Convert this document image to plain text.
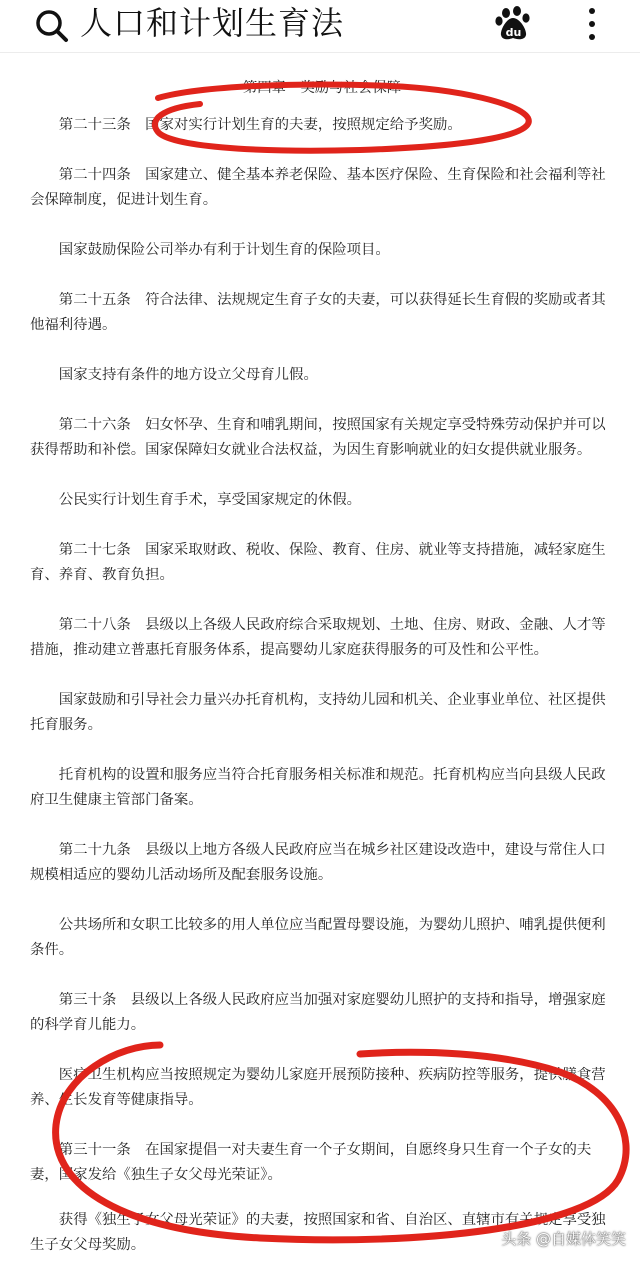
人口和计划生育法	du
第四章　奖励与社会保障

第二十三条　国家对实行计划生育的夫妻，按照规定给予奖励。

第二十四条　国家建立、健全基本养老保险、基本医疗保险、生育保险和社会福利等社会保障制度，促进计划生育。

国家鼓励保险公司举办有利于计划生育的保险项目。

第二十五条　符合法律、法规规定生育子女的夫妻，可以获得延长生育假的奖励或者其他福利待遇。

国家支持有条件的地方设立父母育儿假。

第二十六条　妇女怀孕、生育和哺乳期间，按照国家有关规定享受特殊劳动保护并可以获得帮助和补偿。国家保障妇女就业合法权益，为因生育影响就业的妇女提供就业服务。

公民实行计划生育手术，享受国家规定的休假。

第二十七条　国家采取财政、税收、保险、教育、住房、就业等支持措施，减轻家庭生育、养育、教育负担。

第二十八条　县级以上各级人民政府综合采取规划、土地、住房、财政、金融、人才等措施，推动建立普惠托育服务体系，提高婴幼儿家庭获得服务的可及性和公平性。

国家鼓励和引导社会力量兴办托育机构，支持幼儿园和机关、企业事业单位、社区提供托育服务。

托育机构的设置和服务应当符合托育服务相关标准和规范。托育机构应当向县级人民政府卫生健康主管部门备案。

第二十九条　县级以上地方各级人民政府应当在城乡社区建设改造中，建设与常住人口规模相适应的婴幼儿活动场所及配套服务设施。

公共场所和女职工比较多的用人单位应当配置母婴设施，为婴幼儿照护、哺乳提供便利条件。

第三十条　县级以上各级人民政府应当加强对家庭婴幼儿照护的支持和指导，增强家庭的科学育儿能力。

医疗卫生机构应当按照规定为婴幼儿家庭开展预防接种、疾病防控等服务，提供膳食营养、生长发育等健康指导。

第三十一条　在国家提倡一对夫妻生育一个子女期间，自愿终身只生育一个子女的夫妻，国家发给《独生子女父母光荣证》。

获得《独生子女父母光荣证》的夫妻，按照国家和省、自治区、直辖市有关规定享受独生子女父母奖励。	头条 @自媒体笑笑
